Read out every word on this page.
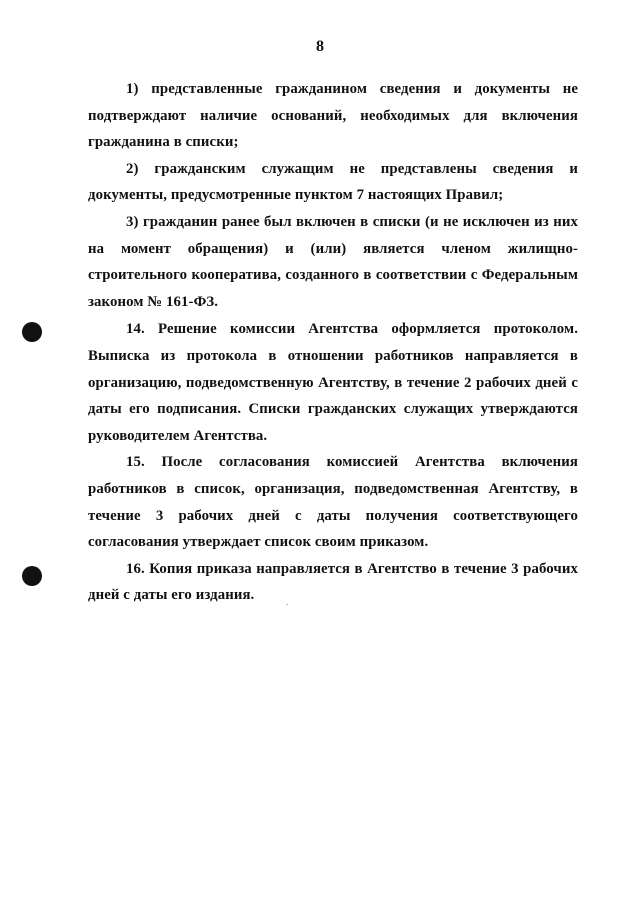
8

1) представленные гражданином сведения и документы не подтверждают наличие оснований, необходимых для включения гражданина в списки;

2) гражданским служащим не представлены сведения и документы, предусмотренные пунктом 7 настоящих Правил;

3) гражданин ранее был включен в списки (и не исключен из них на момент обращения) и (или) является членом жилищно-строительного кооператива, созданного в соответствии с Федеральным законом № 161-ФЗ.

14. Решение комиссии Агентства оформляется протоколом. Выписка из протокола в отношении работников направляется в организацию, подведомственную Агентству, в течение 2 рабочих дней с даты его подписания. Списки гражданских служащих утверждаются руководителем Агентства.

15. После согласования комиссией Агентства включения работников в список, организация, подведомственная Агентству, в течение 3 рабочих дней с даты получения соответствующего согласования утверждает список своим приказом.

16. Копия приказа направляется в Агентство в течение 3 рабочих дней с даты его издания.
